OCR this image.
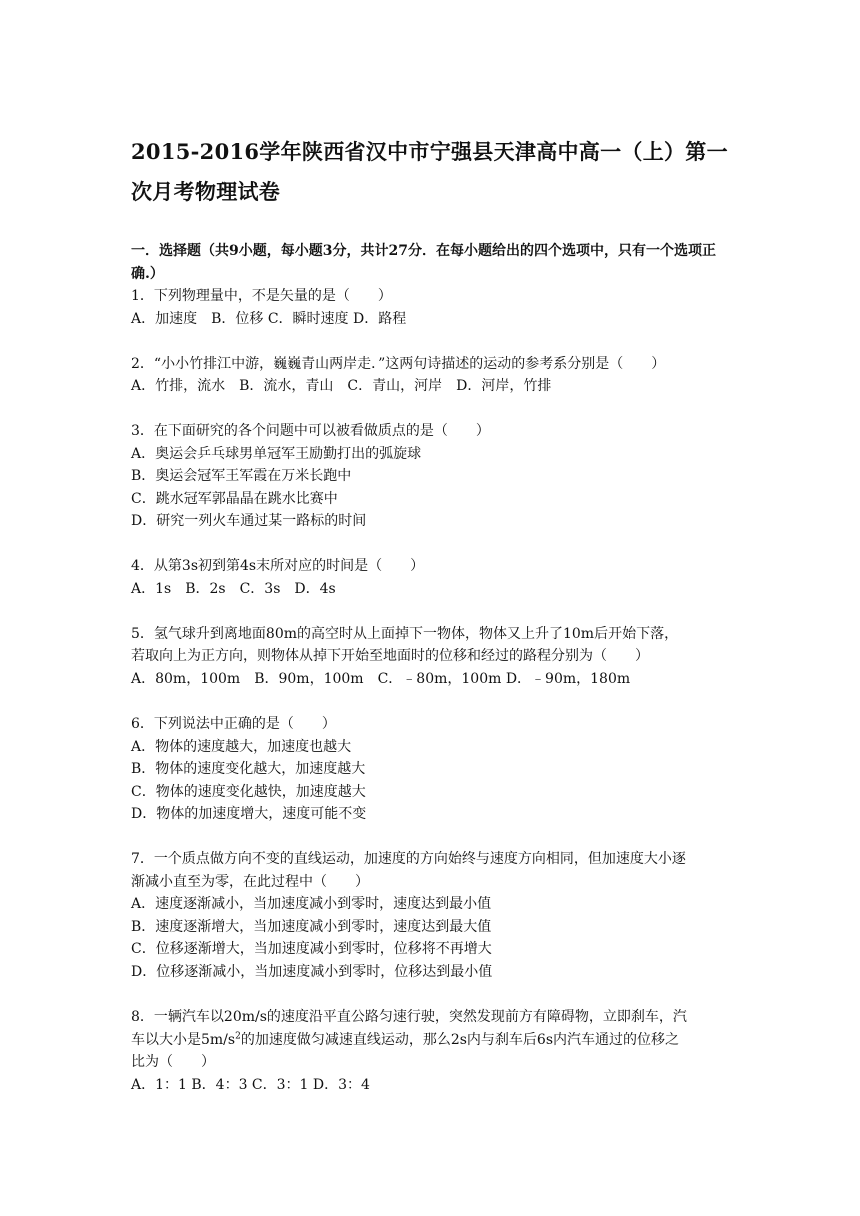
2015-2016学年陕西省汉中市宁强县天津高中高一（上）第一次月考物理试卷
一．选择题（共9小题，每小题3分，共计27分．在每小题给出的四个选项中，只有一个选项正确.）
1．下列物理量中，不是矢量的是（　　）
A．加速度　B．位移 C．瞬时速度 D．路程
2．“小小竹排江中游，巍巍青山两岸走．”这两句诗描述的运动的参考系分别是（　　）
A．竹排，流水　B．流水，青山　C．青山，河岸　D．河岸，竹排
3．在下面研究的各个问题中可以被看做质点的是（　　）
A．奥运会乒乓球男单冠军王励勤打出的弧旋球
B．奥运会冠军王军霞在万米长跑中
C．跳水冠军郭晶晶在跳水比赛中
D．研究一列火车通过某一路标的时间
4．从第3s初到第4s末所对应的时间是（　　）
A．1s　B．2s　C．3s　D．4s
5．氢气球升到离地面80m的高空时从上面掉下一物体，物体又上升了10m后开始下落，
若取向上为正方向，则物体从掉下开始至地面时的位移和经过的路程分别为（　　）
A．80m，100m　B．90m，100m　C．﹣80m，100m D．﹣90m，180m
6．下列说法中正确的是（　　）
A．物体的速度越大，加速度也越大
B．物体的速度变化越大，加速度越大
C．物体的速度变化越快，加速度越大
D．物体的加速度增大，速度可能不变
7．一个质点做方向不变的直线运动，加速度的方向始终与速度方向相同，但加速度大小逐
渐减小直至为零，在此过程中（　　）
A．速度逐渐减小，当加速度减小到零时，速度达到最小值
B．速度逐渐增大，当加速度减小到零时，速度达到最大值
C．位移逐渐增大，当加速度减小到零时，位移将不再增大
D．位移逐渐减小，当加速度减小到零时，位移达到最小值
8．一辆汽车以20m/s的速度沿平直公路匀速行驶，突然发现前方有障碍物，立即刹车，汽
车以大小是$5m/s^2$的加速度做匀减速直线运动，那么2s内与刹车后6s内汽车通过的位移之
比为（　　）
A．1：1 B．4：3 C．3：1 D．3：4
